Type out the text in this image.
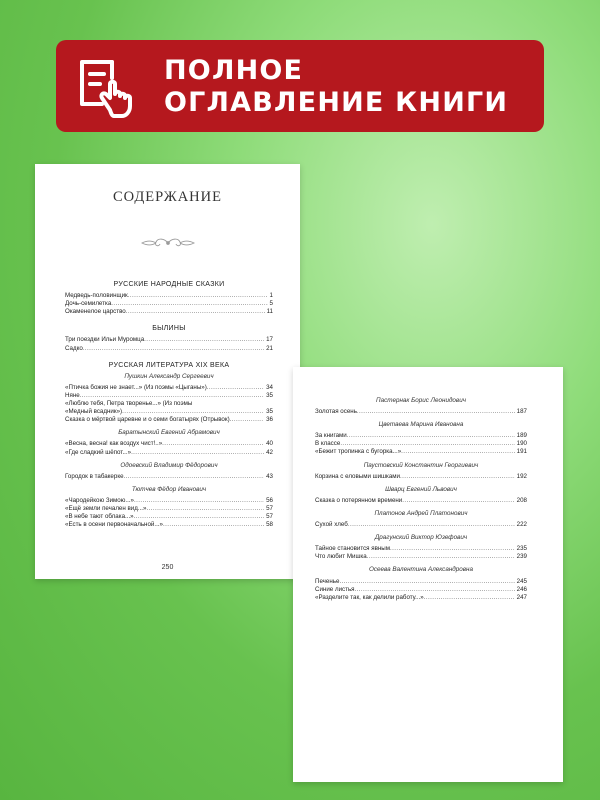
ПОЛНОЕ
ОГЛАВЛЕНИЕ КНИГИ
СОДЕРЖАНИЕ
РУССКИЕ НАРОДНЫЕ СКАЗКИ
Медведь-половинщик .....	1
Дочь-семилетка .....	5
Окаменелое царство .....	11
БЫЛИНЫ
Три поездки Ильи Муромца .....	17
Садко .....	21
РУССКАЯ ЛИТЕРАТУРА XIX ВЕКА
Пушкин Александр Сергеевич
«Птичка божия не знает...» (Из поэмы «Цыганы») .....	34
Няне .....	35
«Люблю тебя, Петра творенье...» (Из поэмы
«Медный всадник») .....	35
Сказка о мёртвой царевне и о семи богатырях (Отрывок) .....	36
Баратынский Евгений Абрамович
«Весна, весна! как воздух чист!..» .....	40
«Где сладкий шёпот...» .....	42
Одоевский Владимир Фёдорович
Городок в табакерке .....	43
Тютчев Фёдор Иванович
«Чародейкою Зимою...» .....	56
«Ещё земли печален вид...» .....	57
«В небе тают облака...» .....	57
«Есть в осени первоначальной...» .....	58
250
Пастернак Борис Леонидович
Золотая осень .....	187
Цветаева Марина Ивановна
За книгами .....	189
В классе .....	190
«Бежит тропинка с бугорка...» .....	191
Паустовский Константин Георгиевич
Корзина с еловыми шишками .....	192
Шварц Евгений Львович
Сказка о потерянном времени .....	208
Платонов Андрей Платонович
Сухой хлеб .....	222
Драгунский Виктор Юзефович
Тайное становится явным .....	235
Что любит Мишка .....	239
Осеева Валентина Александровна
Печенье .....	245
Синие листья .....	246
«Разделите так, как делили работу...» .....	247
